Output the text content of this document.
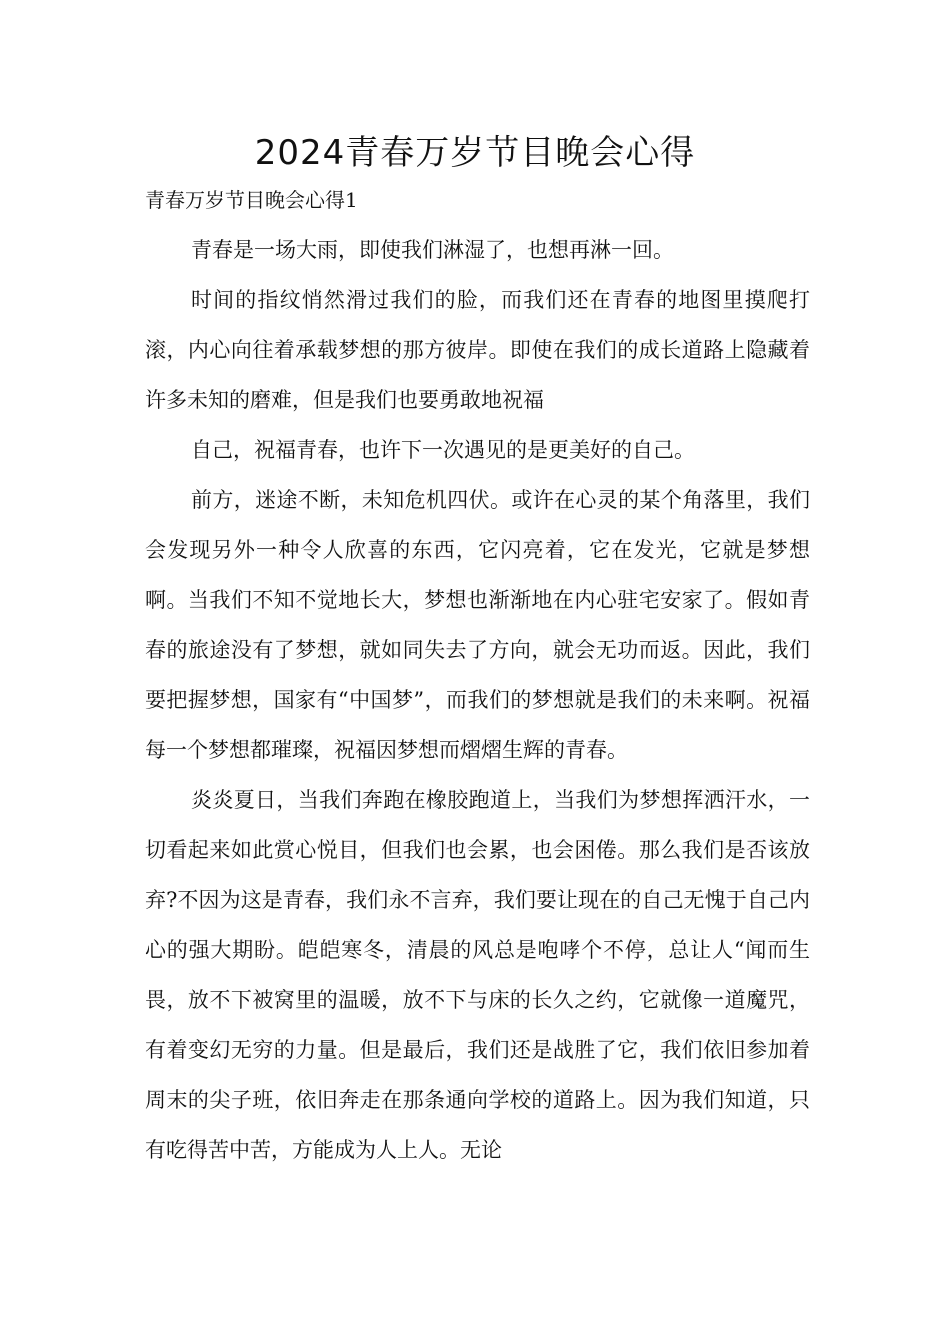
2024青春万岁节目晚会心得
青春万岁节目晚会心得1

青春是一场大雨，即使我们淋湿了，也想再淋一回。

时间的指纹悄然滑过我们的脸，而我们还在青春的地图里摸爬打滚，内心向往着承载梦想的那方彼岸。即使在我们的成长道路上隐藏着许多未知的磨难，但是我们也要勇敢地祝福

自己，祝福青春，也许下一次遇见的是更美好的自己。

前方，迷途不断，未知危机四伏。或许在心灵的某个角落里，我们会发现另外一种令人欣喜的东西，它闪亮着，它在发光，它就是梦想啊。当我们不知不觉地长大，梦想也渐渐地在内心驻宅安家了。假如青春的旅途没有了梦想，就如同失去了方向，就会无功而返。因此，我们要把握梦想，国家有“中国梦”，而我们的梦想就是我们的未来啊。祝福每一个梦想都璀璨，祝福因梦想而熠熠生辉的青春。

炎炎夏日，当我们奔跑在橡胶跑道上，当我们为梦想挥洒汗水，一切看起来如此赏心悦目，但我们也会累，也会困倦。那么我们是否该放弃?不因为这是青春，我们永不言弃，我们要让现在的自己无愧于自己内心的强大期盼。皑皑寒冬，清晨的风总是咆哮个不停，总让人“闻而生畏，放不下被窝里的温暖，放不下与床的长久之约，它就像一道魔咒，有着变幻无穷的力量。但是最后，我们还是战胜了它，我们依旧参加着周末的尖子班，依旧奔走在那条通向学校的道路上。因为我们知道，只有吃得苦中苦，方能成为人上人。无论
